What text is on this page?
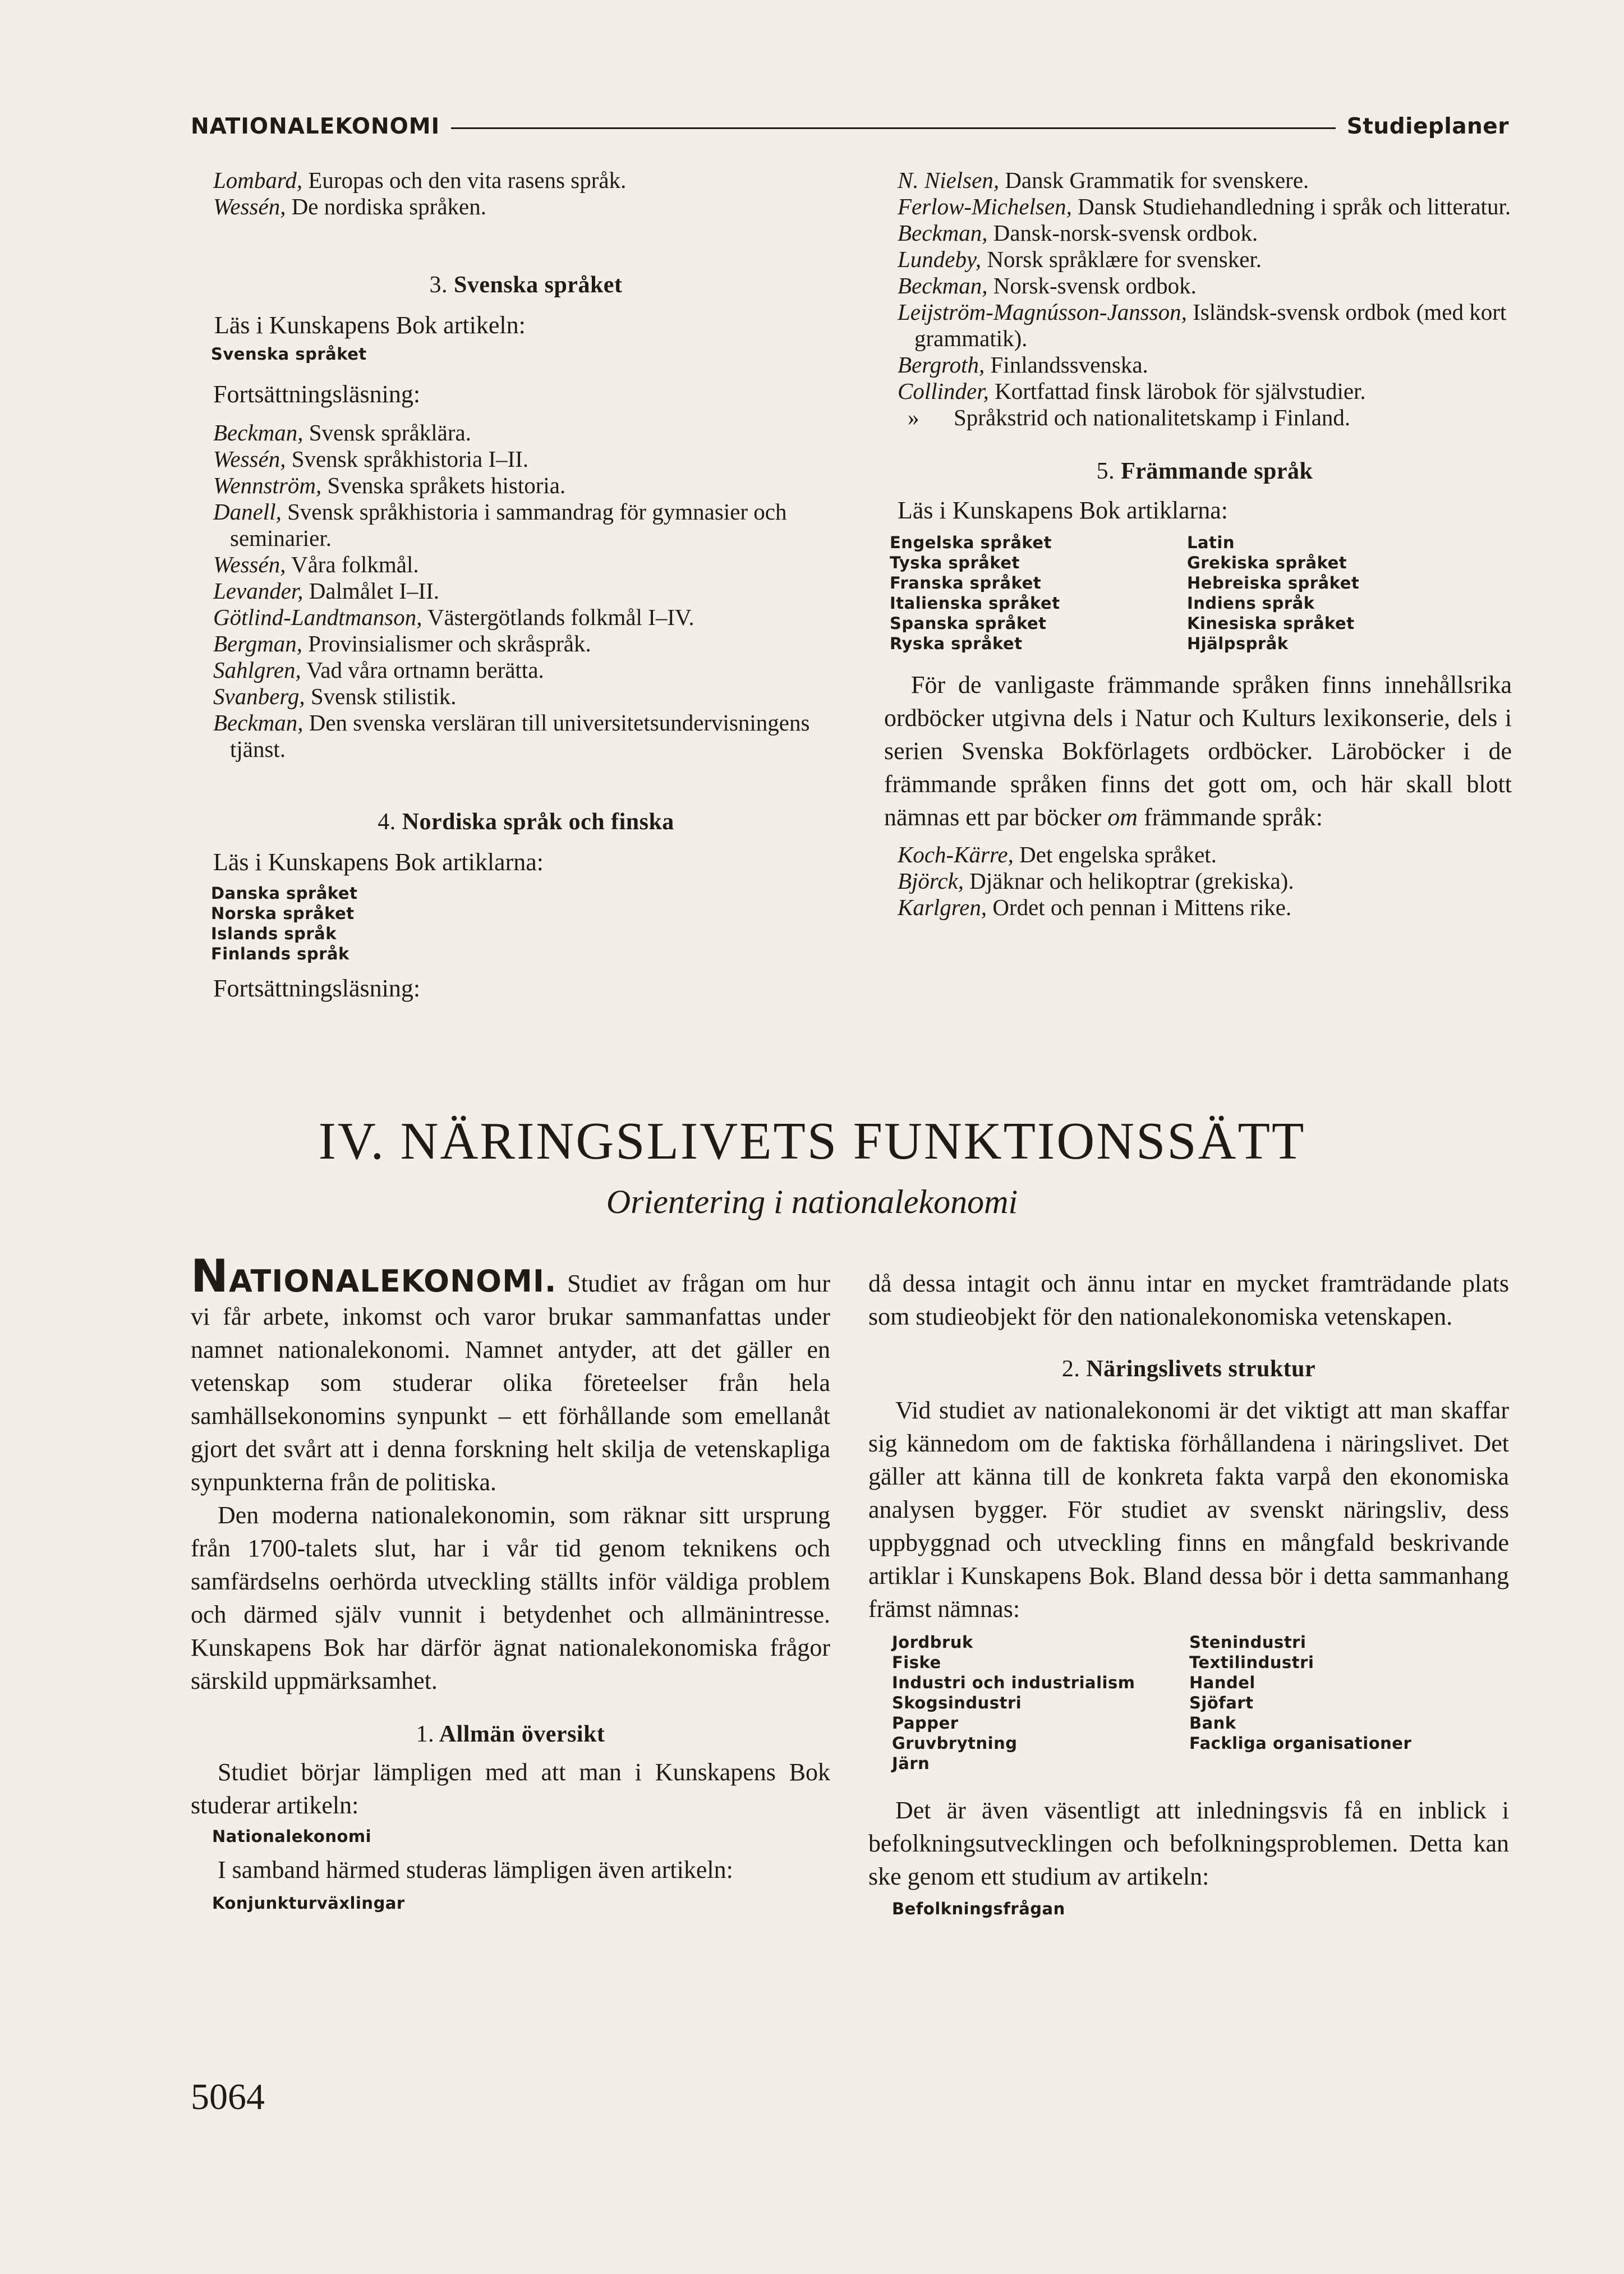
NATIONALEKONOMI	Studieplaner

Lombard, Europas och den vita rasens språk.

Wessén, De nordiska språken.

3. Svenska språket

Läs i Kunskapens Bok artikeln:

Svenska språket

Fortsättningsläsning:

Beckman, Svensk språklära.

Wessén, Svensk språkhistoria I–II.

Wennström, Svenska språkets historia.

Danell, Svensk språkhistoria i sammandrag för gymnasier och seminarier.

Wessén, Våra folkmål.

Levander, Dalmålet I–II.

Götlind-Landtmanson, Västergötlands folkmål I–IV.

Bergman, Provinsialismer och skråspråk.

Sahlgren, Vad våra ortnamn berätta.

Svanberg, Svensk stilistik.

Beckman, Den svenska versläran till universitetsundervisningens tjänst.

4. Nordiska språk och finska

Läs i Kunskapens Bok artiklarna:

Danska språket

Norska språket

Islands språk

Finlands språk

Fortsättningsläsning:

N. Nielsen, Dansk Grammatik for svenskere.

Ferlow-Michelsen, Dansk Studiehandledning i språk och litteratur.

Beckman, Dansk-norsk-svensk ordbok.

Lundeby, Norsk språklære for svensker.

Beckman, Norsk-svensk ordbok.

Leijström-Magnússon-Jansson, Isländsk-svensk ordbok (med kort grammatik).

Bergroth, Finlandssvenska.

Collinder, Kortfattad finsk lärobok för självstudier.

» Språkstrid och nationalitetskamp i Finland.

5. Främmande språk

Läs i Kunskapens Bok artiklarna:

Engelska språket

Tyska språket

Franska språket

Italienska språket

Spanska språket

Ryska språket

Latin

Grekiska språket

Hebreiska språket

Indiens språk

Kinesiska språket

Hjälpspråk

För de vanligaste främmande språken finns innehållsrika ordböcker utgivna dels i Natur och Kulturs lexikonserie, dels i serien Svenska Bokförlagets ordböcker. Läroböcker i de främmande språken finns det gott om, och här skall blott nämnas ett par böcker om främmande språk:

Koch-Kärre, Det engelska språket.

Björck, Djäknar och helikoptrar (grekiska).

Karlgren, Ordet och pennan i Mittens rike.

IV. NÄRINGSLIVETS FUNKTIONSSÄTT

Orientering i nationalekonomi

NATIONALEKONOMI. Studiet av frågan om hur vi får arbete, inkomst och varor brukar sammanfattas under namnet nationalekonomi. Namnet antyder, att det gäller en vetenskap som studerar olika företeelser från hela samhällsekonomins synpunkt – ett förhållande som emellanåt gjort det svårt att i denna forskning helt skilja de vetenskapliga synpunkterna från de politiska.

Den moderna nationalekonomin, som räknar sitt ursprung från 1700-talets slut, har i vår tid genom teknikens och samfärdselns oerhörda utveckling ställts inför väldiga problem och därmed själv vunnit i betydenhet och allmänintresse. Kunskapens Bok har därför ägnat nationalekonomiska frågor särskild uppmärksamhet.

1. Allmän översikt

Studiet börjar lämpligen med att man i Kunskapens Bok studerar artikeln:

Nationalekonomi

I samband härmed studeras lämpligen även artikeln:

Konjunkturväxlingar

då dessa intagit och ännu intar en mycket framträdande plats som studieobjekt för den nationalekonomiska vetenskapen.

2. Näringslivets struktur

Vid studiet av nationalekonomi är det viktigt att man skaffar sig kännedom om de faktiska förhållandena i näringslivet. Det gäller att känna till de konkreta fakta varpå den ekonomiska analysen bygger. För studiet av svenskt näringsliv, dess uppbyggnad och utveckling finns en mångfald beskrivande artiklar i Kunskapens Bok. Bland dessa bör i detta sammanhang främst nämnas:

Jordbruk

Fiske

Industri och industrialism

Skogsindustri

Papper

Gruvbrytning

Järn

Stenindustri

Textilindustri

Handel

Sjöfart

Bank

Fackliga organisationer

Det är även väsentligt att inledningsvis få en inblick i befolkningsutvecklingen och befolkningsproblemen. Detta kan ske genom ett studium av artikeln:

Befolkningsfrågan

5064
